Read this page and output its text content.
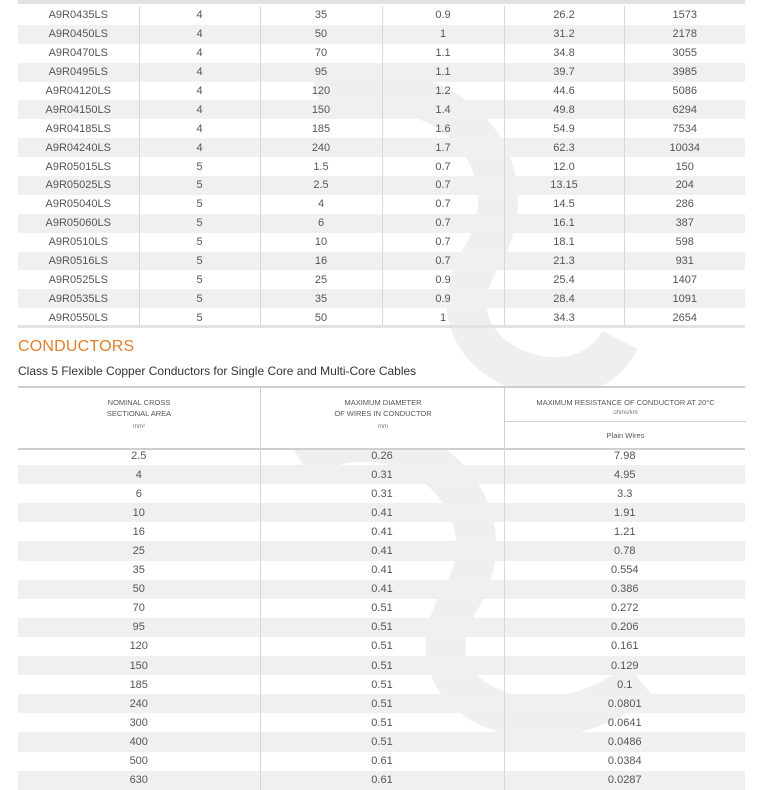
A9R0435LS	4	35	0.9	26.2	1573
A9R0450LS	4	50	1	31.2	2178
A9R0470LS	4	70	1.1	34.8	3055
A9R0495LS	4	95	1.1	39.7	3985
A9R04120LS	4	120	1.2	44.6	5086
A9R04150LS	4	150	1.4	49.8	6294
A9R04185LS	4	185	1.6	54.9	7534
A9R04240LS	4	240	1.7	62.3	10034
A9R05015LS	5	1.5	0.7	12.0	150
A9R05025LS	5	2.5	0.7	13.15	204
A9R05040LS	5	4	0.7	14.5	286
A9R05060LS	5	6	0.7	16.1	387
A9R0510LS	5	10	0.7	18.1	598
A9R0516LS	5	16	0.7	21.3	931
A9R0525LS	5	25	0.9	25.4	1407
A9R0535LS	5	35	0.9	28.4	1091
A9R0550LS	5	50	1	34.3	2654
CONDUCTORS
Class 5 Flexible Copper Conductors for Single Core and Multi-Core Cables
NOMINAL CROSS
SECTIONAL AREA
mm²
MAXIMUM DIAMETER
OF WIRES IN CONDUCTOR
mm
MAXIMUM RESISTANCE OF CONDUCTOR AT 20°C
ohms/km
Plain Wires
2.5	0.26	7.98
4	0.31	4.95
6	0.31	3.3
10	0.41	1.91
16	0.41	1.21
25	0.41	0.78
35	0.41	0.554
50	0.41	0.386
70	0.51	0.272
95	0.51	0.206
120	0.51	0.161
150	0.51	0.129
185	0.51	0.1
240	0.51	0.0801
300	0.51	0.0641
400	0.51	0.0486
500	0.61	0.0384
630	0.61	0.0287
